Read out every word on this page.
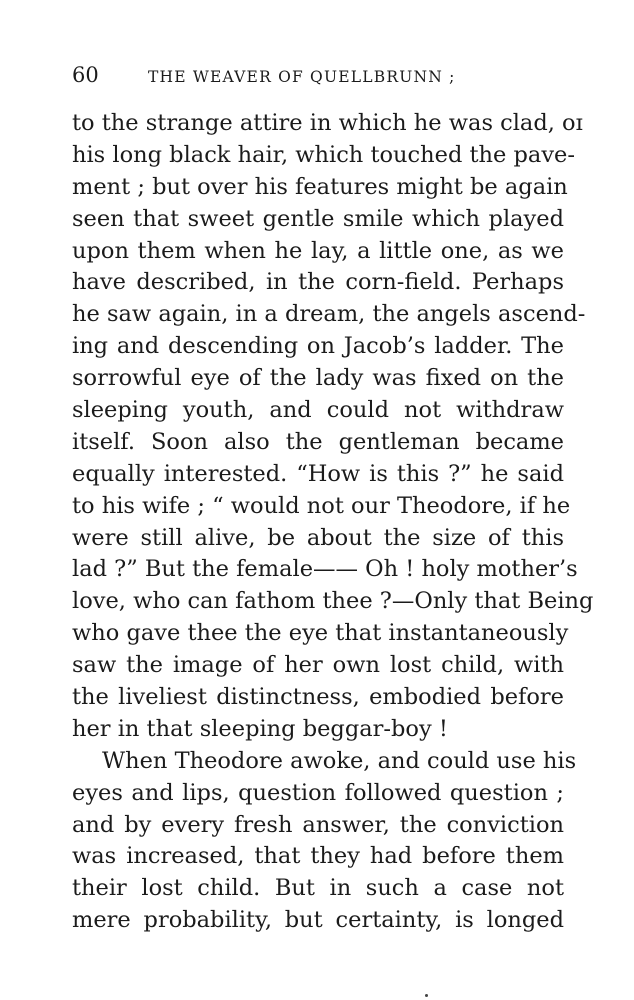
60	THE WEAVER OF QUELLBRUNN ;
to the strange attire in which he was clad, oɪ
his long black hair, which touched the pave-
ment ; but over his features might be again
seen that sweet gentle smile which played
upon them when he lay, a little one, as we
have described, in the corn-field. Perhaps
he saw again, in a dream, the angels ascend-
ing and descending on Jacob’s ladder. The
sorrowful eye of the lady was fixed on the
sleeping youth, and could not withdraw
itself. Soon also the gentleman became
equally interested. “How is this ?” he said
to his wife ; “ would not our Theodore, if he
were still alive, be about the size of this
lad ?” But the female—— Oh ! holy mother’s
love, who can fathom thee ?—Only that Being
who gave thee the eye that instantaneously
saw the image of her own lost child, with
the liveliest distinctness, embodied before
her in that sleeping beggar-boy !
When Theodore awoke, and could use his
eyes and lips, question followed question ;
and by every fresh answer, the conviction
was increased, that they had before them
their lost child. But in such a case not
mere probability, but certainty, is longed
